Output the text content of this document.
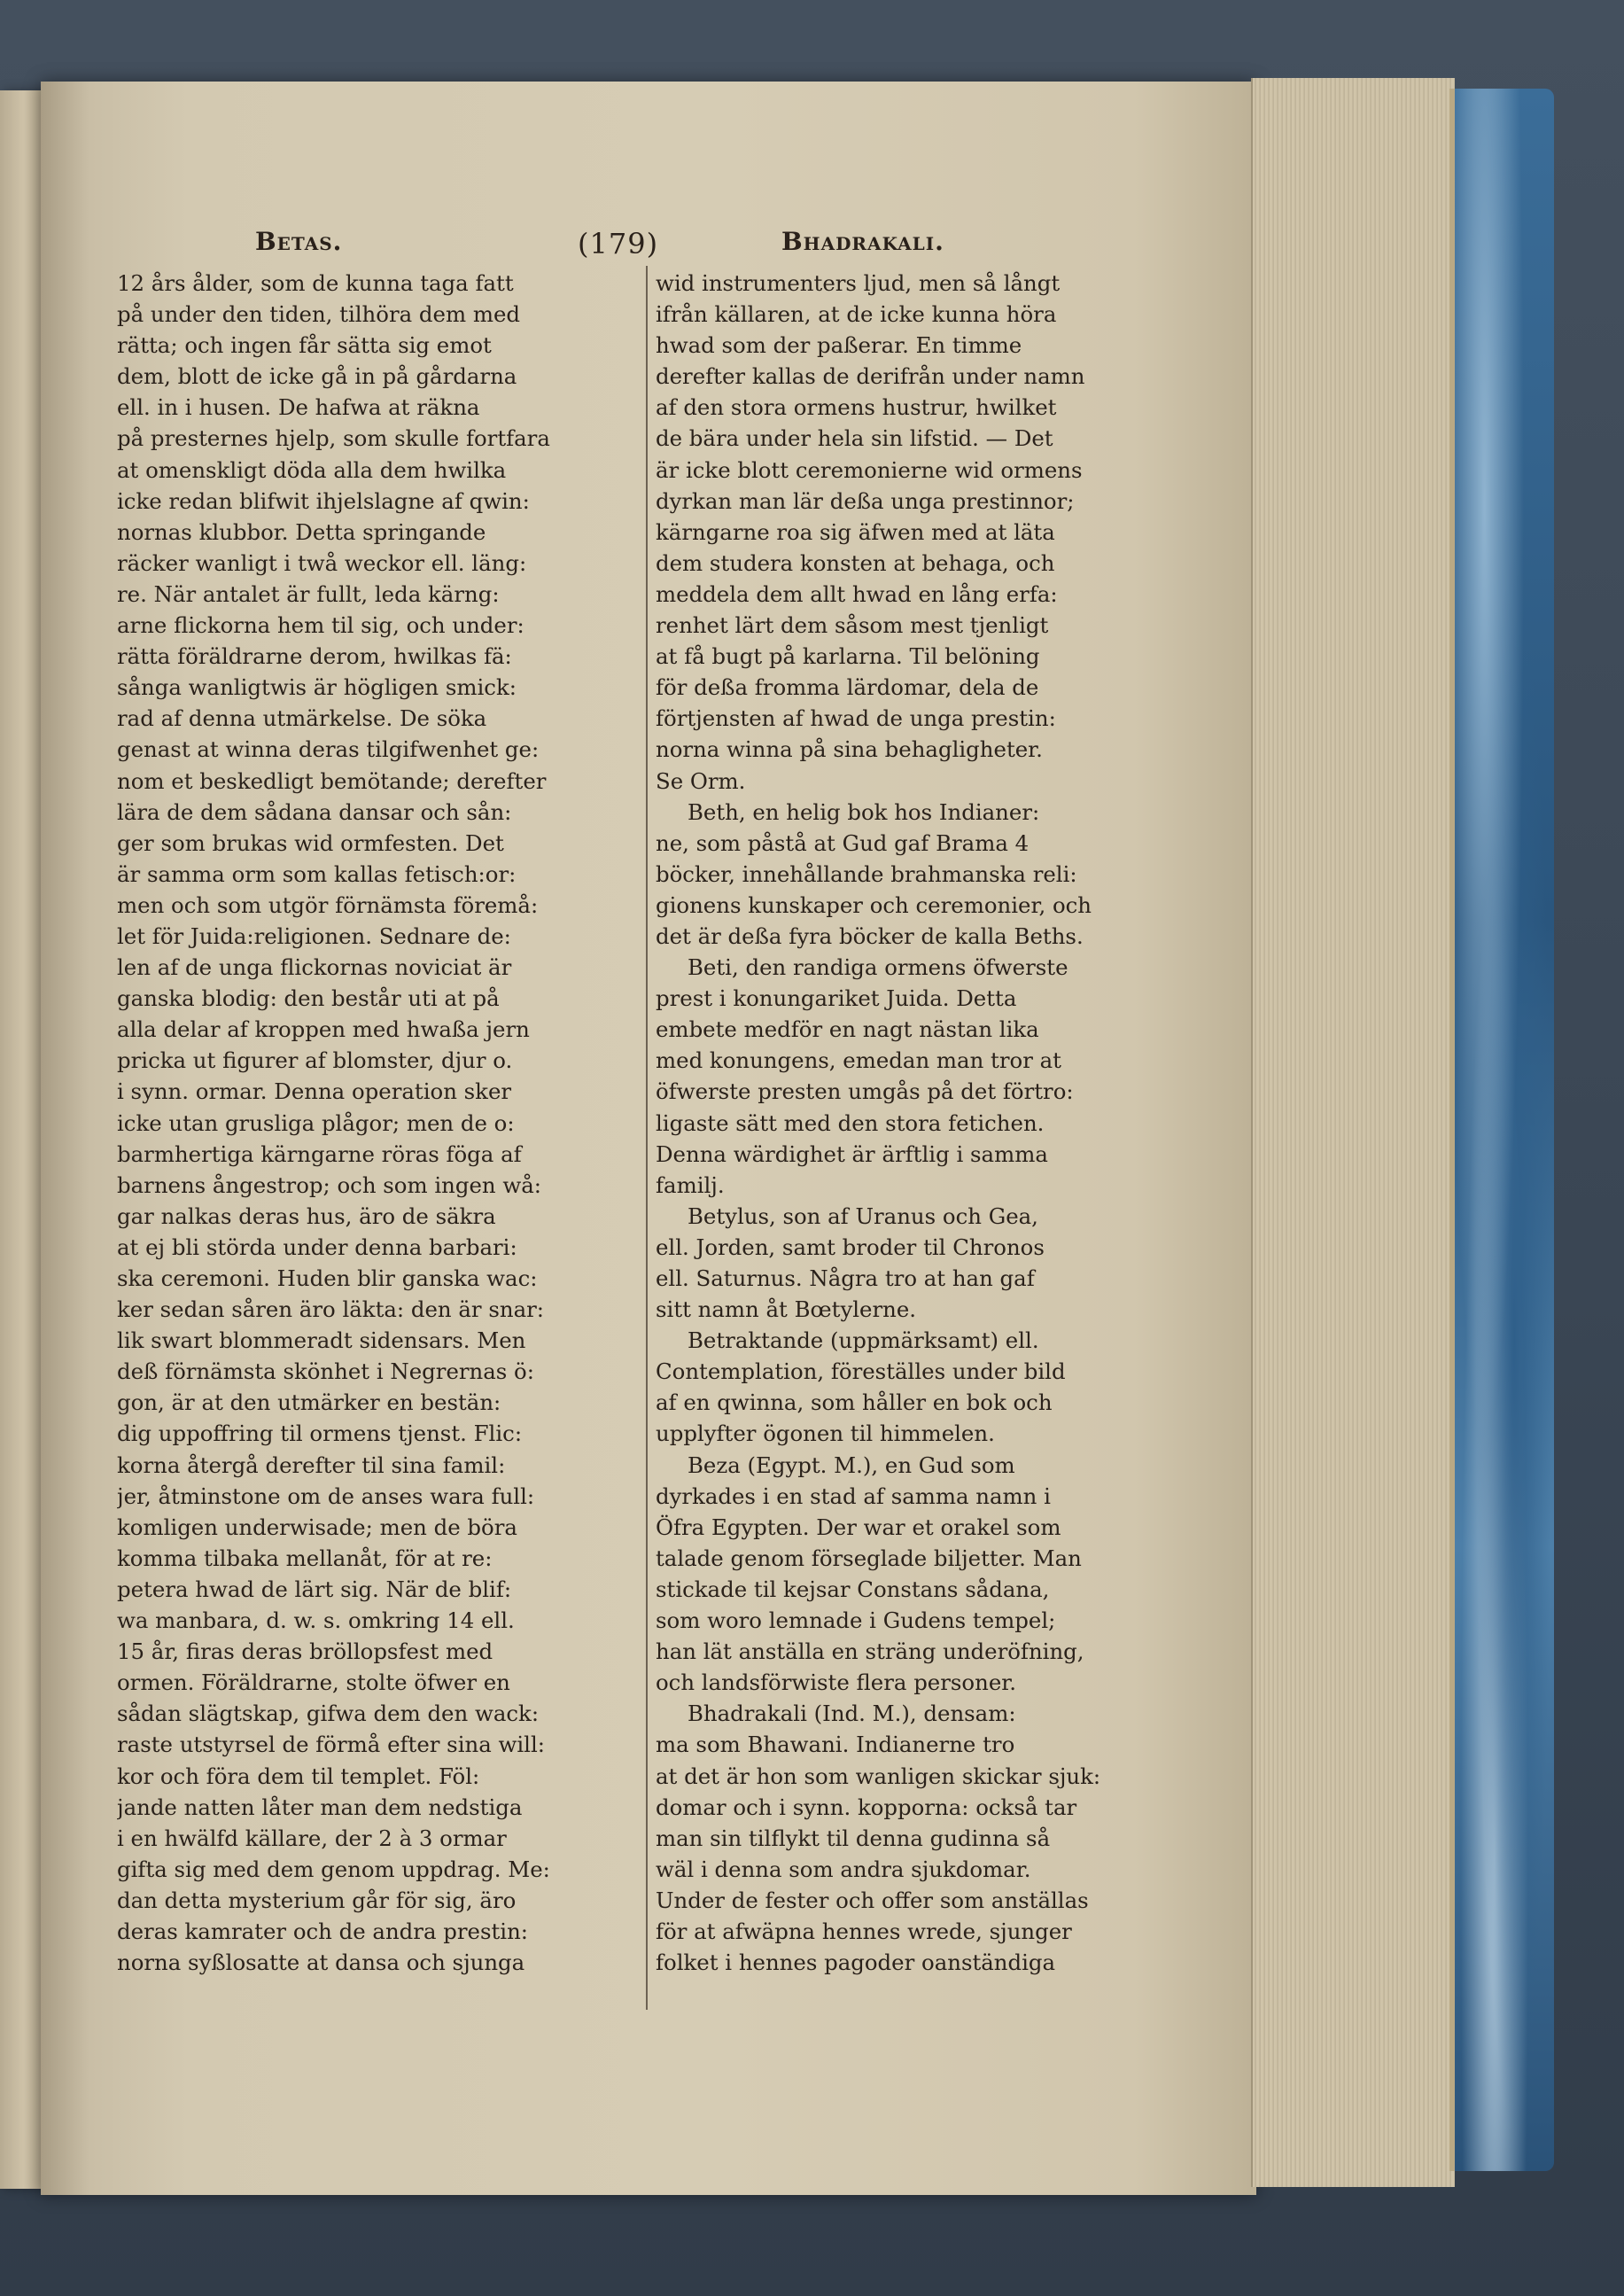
Betas.	(179)	Bhadrakali.
12 års ålder, som de kunna taga fatt
på under den tiden, tilhöra dem med
rätta; och ingen får sätta sig emot
dem, blott de icke gå in på gårdarna
ell. in i husen. De hafwa at räkna
på presternes hjelp, som skulle fortfara
at omenskligt döda alla dem hwilka
icke redan blifwit ihjelslagne af qwin:
nornas klubbor. Detta springande
räcker wanligt i twå weckor ell. läng:
re. När antalet är fullt, leda kärng:
arne flickorna hem til sig, och under:
rätta föräldrarne derom, hwilkas fä:
sånga wanligtwis är högligen smick:
rad af denna utmärkelse. De söka
genast at winna deras tilgifwenhet ge:
nom et beskedligt bemötande; derefter
lära de dem sådana dansar och sån:
ger som brukas wid ormfesten. Det
är samma orm som kallas fetisch:or:
men och som utgör förnämsta föremå:
let för Juida:religionen. Sednare de:
len af de unga flickornas noviciat är
ganska blodig: den består uti at på
alla delar af kroppen med hwaßa jern
pricka ut figurer af blomster, djur o.
i synn. ormar. Denna operation sker
icke utan grusliga plågor; men de o:
barmhertiga kärngarne röras föga af
barnens ångestrop; och som ingen wå:
gar nalkas deras hus, äro de säkra
at ej bli störda under denna barbari:
ska ceremoni. Huden blir ganska wac:
ker sedan såren äro läkta: den är snar:
lik swart blommeradt sidensars. Men
deß förnämsta skönhet i Negrernas ö:
gon, är at den utmärker en bestän:
dig uppoffring til ormens tjenst. Flic:
korna återgå derefter til sina famil:
jer, åtminstone om de anses wara full:
komligen underwisade; men de böra
komma tilbaka mellanåt, för at re:
petera hwad de lärt sig. När de blif:
wa manbara, d. w. s. omkring 14 ell.
15 år, firas deras bröllopsfest med
ormen. Föräldrarne, stolte öfwer en
sådan slägtskap, gifwa dem den wack:
raste utstyrsel de förmå efter sina will:
kor och föra dem til templet. Föl:
jande natten låter man dem nedstiga
i en hwälfd källare, der 2 à 3 ormar
gifta sig med dem genom uppdrag. Me:
dan detta mysterium går för sig, äro
deras kamrater och de andra prestin:
norna syßlosatte at dansa och sjunga
wid instrumenters ljud, men så långt
ifrån källaren, at de icke kunna höra
hwad som der paßerar. En timme
derefter kallas de derifrån under namn
af den stora ormens hustrur, hwilket
de bära under hela sin lifstid. — Det
är icke blott ceremonierne wid ormens
dyrkan man lär deßa unga prestinnor;
kärngarne roa sig äfwen med at läta
dem studera konsten at behaga, och
meddela dem allt hwad en lång erfa:
renhet lärt dem såsom mest tjenligt
at få bugt på karlarna. Til belöning
för deßa fromma lärdomar, dela de
förtjensten af hwad de unga prestin:
norna winna på sina behagligheter.
Se Orm.
Beth, en helig bok hos Indianer:
ne, som påstå at Gud gaf Brama 4
böcker, innehållande brahmanska reli:
gionens kunskaper och ceremonier, och
det är deßa fyra böcker de kalla Beths.
Beti, den randiga ormens öfwerste
prest i konungariket Juida. Detta
embete medför en nagt nästan lika
med konungens, emedan man tror at
öfwerste presten umgås på det förtro:
ligaste sätt med den stora fetichen.
Denna wärdighet är ärftlig i samma
familj.
Betylus, son af Uranus och Gea,
ell. Jorden, samt broder til Chronos
ell. Saturnus. Några tro at han gaf
sitt namn åt Bœtylerne.
Betraktande (uppmärksamt) ell.
Contemplation, föreställes under bild
af en qwinna, som håller en bok och
upplyfter ögonen til himmelen.
Beza (Egypt. M.), en Gud som
dyrkades i en stad af samma namn i
Öfra Egypten. Der war et orakel som
talade genom förseglade biljetter. Man
stickade til kejsar Constans sådana,
som woro lemnade i Gudens tempel;
han lät anställa en sträng underöfning,
och landsförwiste flera personer.
Bhadrakali (Ind. M.), densam:
ma som Bhawani. Indianerne tro
at det är hon som wanligen skickar sjuk:
domar och i synn. kopporna: också tar
man sin tilflykt til denna gudinna så
wäl i denna som andra sjukdomar.
Under de fester och offer som anställas
för at afwäpna hennes wrede, sjunger
folket i hennes pagoder oanständiga
